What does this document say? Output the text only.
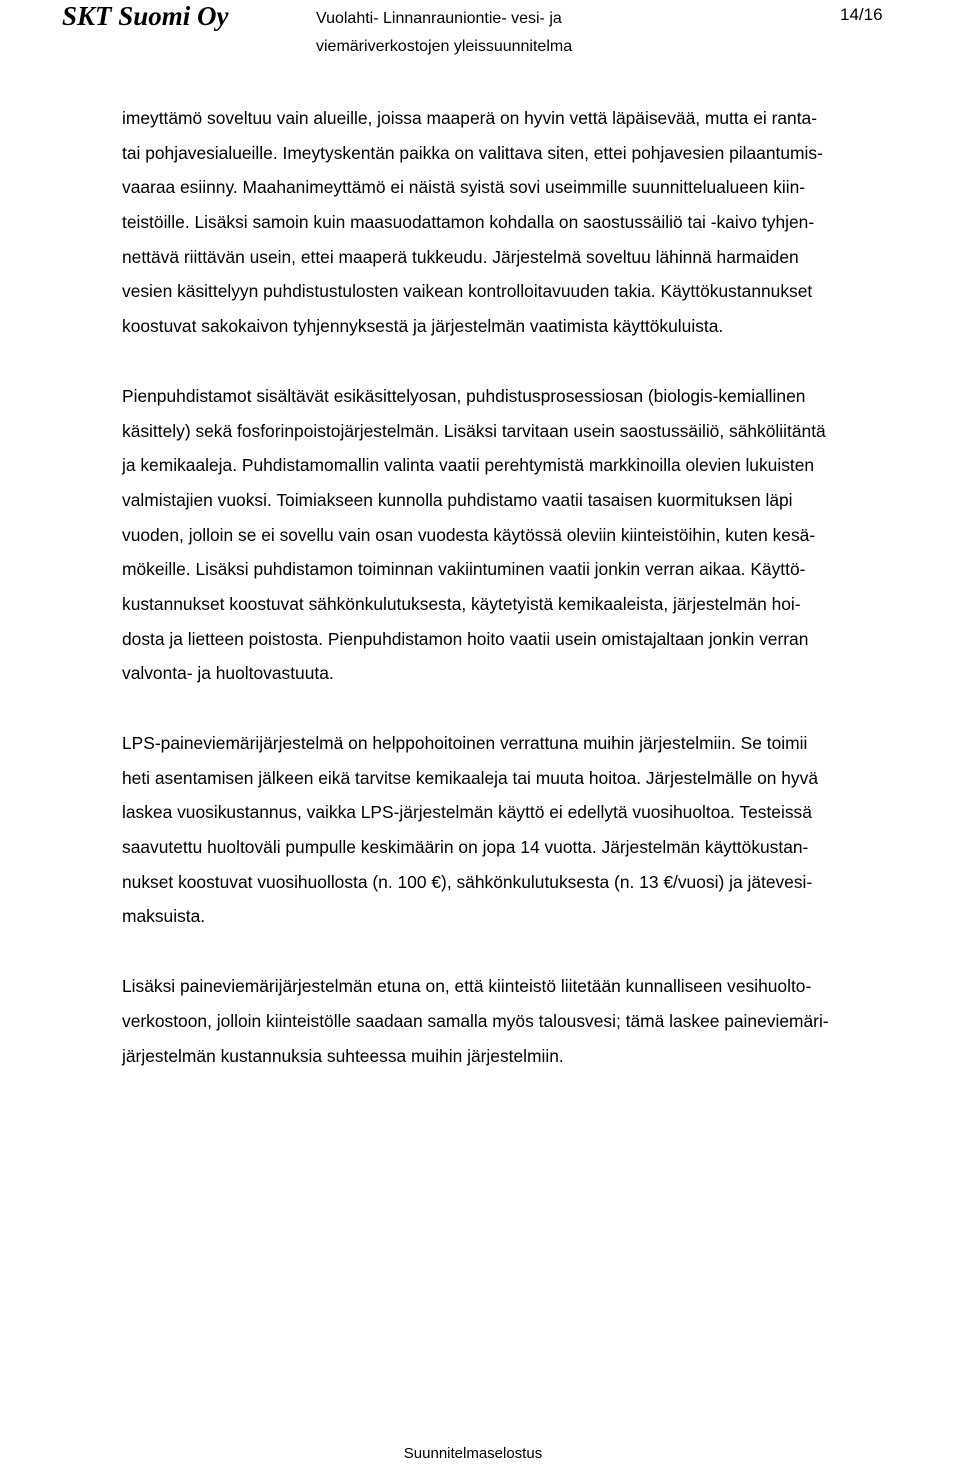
SKT Suomi Oy	Vuolahti- Linnanrauniontie- vesi- ja
viemäriverkostojen yleissuunnitelma
14/16

imeyttämö soveltuu vain alueille, joissa maaperä on hyvin vettä läpäisevää, mutta ei ranta-
tai pohjavesialueille. Imeytyskentän paikka on valittava siten, ettei pohjavesien pilaantumis-
vaaraa esiinny. Maahanimeyttämö ei näistä syistä sovi useimmille suunnittelualueen kiin-
teistöille. Lisäksi samoin kuin maasuodattamon kohdalla on saostussäiliö tai -kaivo tyhjen-
nettävä riittävän usein, ettei maaperä tukkeudu. Järjestelmä soveltuu lähinnä harmaiden
vesien käsittelyyn puhdistustulosten vaikean kontrolloitavuuden takia. Käyttökustannukset
koostuvat sakokaivon tyhjennyksestä ja järjestelmän vaatimista käyttökuluista.

Pienpuhdistamot sisältävät esikäsittelyosan, puhdistusprosessiosan (biologis-kemiallinen
käsittely) sekä fosforinpoistojärjestelmän. Lisäksi tarvitaan usein saostussäiliö, sähköliitäntä
ja kemikaaleja. Puhdistamomallin valinta vaatii perehtymistä markkinoilla olevien lukuisten
valmistajien vuoksi. Toimiakseen kunnolla puhdistamo vaatii tasaisen kuormituksen läpi
vuoden, jolloin se ei sovellu vain osan vuodesta käytössä oleviin kiinteistöihin, kuten kesä-
mökeille. Lisäksi puhdistamon toiminnan vakiintuminen vaatii jonkin verran aikaa. Käyttö-
kustannukset koostuvat sähkönkulutuksesta, käytetyistä kemikaaleista, järjestelmän hoi-
dosta ja lietteen poistosta. Pienpuhdistamon hoito vaatii usein omistajaltaan jonkin verran
valvonta- ja huoltovastuuta.

LPS-paineviemärijärjestelmä on helppohoitoinen verrattuna muihin järjestelmiin. Se toimii
heti asentamisen jälkeen eikä tarvitse kemikaaleja tai muuta hoitoa. Järjestelmälle on hyvä
laskea vuosikustannus, vaikka LPS-järjestelmän käyttö ei edellytä vuosihuoltoa. Testeissä
saavutettu huoltoväli pumpulle keskimäärin on jopa 14 vuotta. Järjestelmän käyttökustan-
nukset koostuvat vuosihuollosta (n. 100 €), sähkönkulutuksesta (n. 13 €/vuosi) ja jätevesi-
maksuista.

Lisäksi paineviemärijärjestelmän etuna on, että kiinteistö liitetään kunnalliseen vesihuolto-
verkostoon, jolloin kiinteistölle saadaan samalla myös talousvesi; tämä laskee paineviemäri-
järjestelmän kustannuksia suhteessa muihin järjestelmiin.

Suunnitelmaselostus
